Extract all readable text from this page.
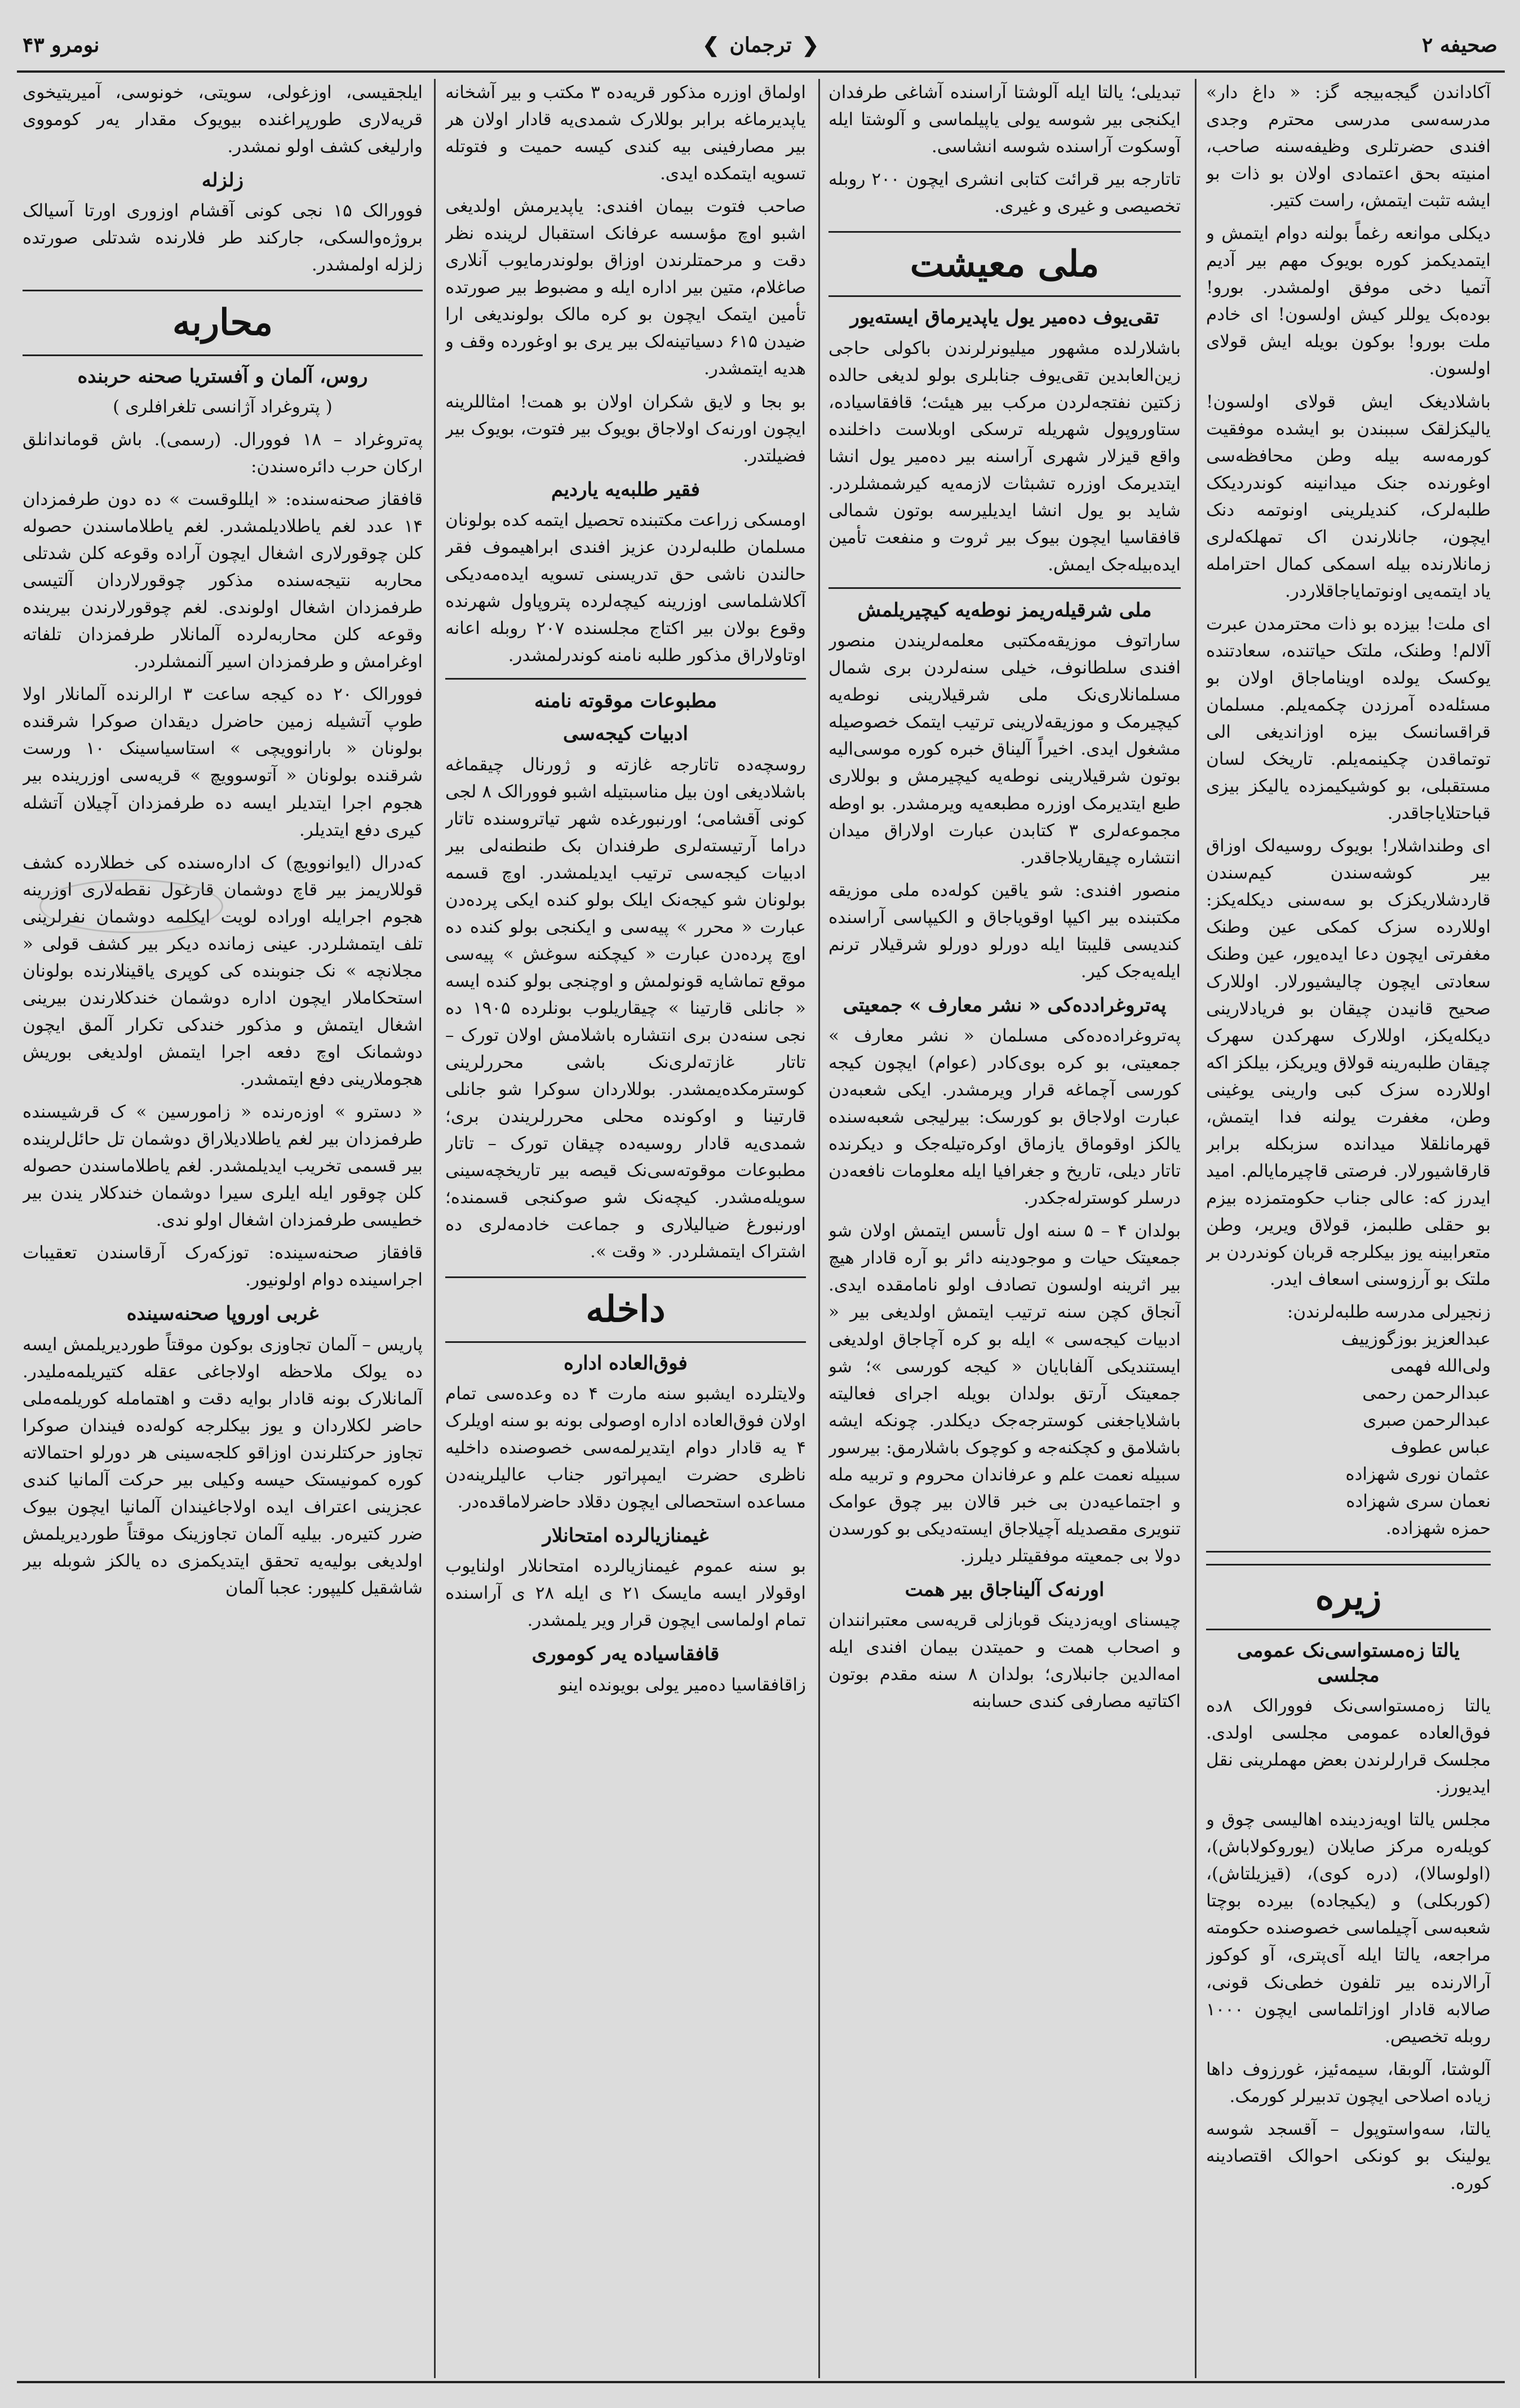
صحیفه ۲
❮
ترجمان
❯
نومرو ۴۳

آکاداندن گیجه‌بیجه گز: « داغ دار» مدرسه‌سی مدرسی محترم وجدی افندی حضرتلری وظیفه‌سنه صاحب، امنیته بحق اعتمادی اولان بو ذات بو ایشه تثبت ایتمش، راست کتیر.

دیکلی موانعه رغماً بولنه دوام ایتمش و ایتمدیکمز کوره بویوک مهم بیر آدیم آتمیا دخی موفق اولمشدر. بورو! بوده‌بک یوللر کیش اولسون! ای خادم ملت بورو! بوکون بویله ایش قولای اولسون.

باشلادیغک ایش قولای اولسون! یالیکزلقک سببندن بو ایشده موفقیت کورمه‌سه بیله وطن محافظه‌سی اوغورنده جنک میدانینه کوندردیکک طلبه‌لرک، کندیلرینی اونوتمه دنک ایچون، جانلارندن اک تمهلکه‌لری زمانلارنده بیله اسمکی کمال احترامله یاد ایتمه‌یی اونوتمایاجاقلاردر.

ای ملت! بیزده بو ذات محترمدن عبرت آلالم! وطنک، ملتک حیاتنده، سعادتنده یوکسک یولده اویناماجاق اولان بو مسئله‌ده آمرزدن چکمه‌یلم. مسلمان قراقسانسک بیزه اوزاندیغی الی توتماقدن چکینمه‌یلم. تاریخک لسان مستقبلی، بو کوشیکیمزده یالیکز بیزی قباحتلایاجاقدر.

ای وطنداشلار! بویوک روسیه‌لک اوزاق بیر کوشه‌سندن کیم‌سندن قاردشلاریکزک بو سه‌سنی دیکله‌یکز: اوللارده سزک کمکی عین وطنک مغفرتی ایچون دعا ایده‌یور، عین وطنک سعادتی ایچون چالیشیورلار. اوللارک صحیح قانیدن چیقان بو فریادلارینی دیکله‌یکز، اوللارک سهرکدن سهرک چیقان طلبه‌رینه قولاق ویریکز، بیلکز اکه اوللارده سزک کبی وارینی یوغینی وطن، مغفرت یولنه فدا ایتمش، قهرمانلقلا میدانده سزبکله برابر قارقاشیورلار. فرصتی قاچیرمایالم. امید ایدرز که: عالی جناب حکومتمزده بیزم بو حقلی طلبمز، قولاق ویریر، وطن متعرابینه یوز بیکلرجه قربان کوندردن بر ملتک بو آرزوسنی اسعاف ایدر.

زنجیرلی مدرسه طلبه‌لرندن:

عبدالعزیز بوزگوزییف

ولی‌الله فهمی

عبدالرحمن رحمی

عبدالرحمن صبری

عباس عطوف

عثمان نوری شهزاده

نعمان سری شهزاده

حمزه شهزاده.

زیره
یالتا زه‌مستواسی‌نک عمومی مجلسی

یالتا زه‌مستواسی‌نک فوورالک ۸ده فوق‌العاده عمومی مجلسی اولدی. مجلسک قرارلرندن بعض مهملرینی نقل ایدیورز.

مجلس یالتا اویه‌زدینده اهالیسی چوق و کویله‌ره مرکز صایلان (یوروکولاباش)، (اولوسالا)، (دره کوی)، (قیزیلتاش)، (کوربکلی) و (یکیجاده) بیرده بوچتا شعبه‌سی آچیلماسی خصوصنده حکومته مراجعه، یالتا ایله آی‌پتری، آو کوکوز آرالارنده بیر تلفون خطی‌نک قونی، صالابه قادار اوزاتلماسی ایچون ۱۰۰۰ روبله تخصیص.

آلوشتا، آلوبقا، سیمه‌ئیز، غورزوف داها زیاده اصلاحی ایچون تدبیرلر کورمک.

یالتا، سه‌واستوپول – آقسجد شوسه یولینک بو کونکی احوالک اقتصادینه کوره.

تبدیلی؛ یالتا ایله آلوشتا آراسنده آشاغی طرفدان ایکنجی بیر شوسه یولی یاپیلماسی و آلوشتا ایله آوسکوت آراسنده شوسه انشاسی.

تاتارجه بیر قرائت کتابی انشری ایچون ۲۰۰ روبله تخصیصی و غیری و غیری.

ملی معیشت
تقی‌یوف ده‌میر یول یاپدیرماق ایسته‌یور

باشلارلده مشهور میلیونرلرندن باکولی حاجی زین‌العابدین تقی‌یوف جنابلری بولو لدیغی حالده زکتین نفتجه‌لردن مرکب بیر هیئت؛ قافقاسیاده، ستاوروپول شهریله ترسکی اوبلاست داخلنده واقع قیزلار شهری آراسنه بیر ده‌میر یول انشا ایتدیرمک اوزره تشبثات لازمه‌یه کیرشمشلردر. شاید بو یول انشا ایدیلیرسه بوتون شمالی قافقاسیا ایچون بیوک بیر ثروت و منفعت تأمین ایده‌بیله‌جک ایمش.

ملی شرقیله‌ریمز نوطه‌یه کیچیریلمش

ساراتوف موزیقه‌مکتبی معلمه‌لریندن منصور افندی سلطانوف، خیلی سنه‌لردن بری شمال مسلمانلاری‌نک ملی شرقیلارینی نوطه‌یه کیچیرمک و موزیقه‌لارینی ترتیب ایتمک خصوصیله مشغول ایدی. اخیراً آلیناق خبره کوره موسی‌الیه بوتون شرقیلارینی نوطه‌یه کیچیرمش و بوللاری طبع ایتدیرمک اوزره مطبعه‌یه ویرمشدر. بو اوطه مجموعه‌لری ۳ کتابدن عبارت اولاراق میدان انتشاره چیقاریلاجاقدر.

منصور افندی: شو یاقین کوله‌ده ملی موزیقه مکتبنده بیر اکیپا اوقویاجاق و الکیپاسی آراسنده کندیسی قلیبتا ایله دورلو دورلو شرقیلار ترنم ایله‌یه‌جک کیر.

په‌تروغراد‌ده‌کی « نشر معارف » جمعیتی

په‌تروغراده‌ده‌کی مسلمان « نشر معارف » جمعیتی، بو کره بوی‌کادر (عوام) ایچون کیجه کورسی آچماغه قرار ویرمشدر. ایکی شعبه‌دن عبارت اولاجاق بو کورسک: بیرلیجی شعبه‌سنده یالکز اوقوماق یازماق اوکره‌تیله‌جک و دیکرنده تاتار دیلی، تاریخ و جغرافیا ایله معلومات نافعه‌دن درسلر کوسترله‌جکدر.

بولدان ۴ – ۵ سنه اول تأسس ایتمش اولان شو جمعیتک حیات و موجودینه دائر بو آره قادار هیچ بیر اثرینه اولسون تصادف اولو نامامقده ایدی. آنجاق کچن سنه ترتیب ایتمش اولدیغی بیر « ادبیات کیجه‌سی » ایله بو کره آچاجاق اولدیغی ایستندیکی آلفابایان « کیجه کورسی »؛ شو جمعیتک آرتق بولدان بویله اجرای فعالیته باشلایاجغنی کوسترجه‌جک دیکلدر. چونکه ایشه باشلامق و کچکنه‌جه و کوچوک باشلارمق: بیرسور سبیله نعمت علم و عرفاندان محروم و تربیه مله و اجتماعیه‌دن بی خبر قالان بیر چوق عوامک تنویری مقصدیله آچیلاجاق ایسته‌دیکی بو کورسدن دولا بی جمعیته موفقیتلر دیلرز.

اورنه‌ک آلیناجاق بیر همت

چیسنای اویه‌زدینک قوبازلی قریه‌سی معتبرانندان و اصحاب همت و حمیتدن بیمان افندی ایله امه‌الدین جانبلاری؛ بولدان ۸ سنه مقدم بوتون اکتاتیه مصارفی کندی حسابنه

اولماق اوزره مذکور قریه‌ده ۳ مکتب و بیر آشخانه یاپدیرماغه برابر بوللارک شمدی‌یه قادار اولان هر بیر مصارفینی بیه کندی کیسه حمیت و فتوتله تسویه ایتمکده ایدی.

صاحب فتوت بیمان افندی: یاپدیرمش اولدیغی اشبو اوچ مؤسسه عرفانک استقبال لرینده نظر دقت و مرحمتلرندن اوزاق بولوندرمایوب آنلاری صاغلام، متین بیر اداره ایله و مضبوط بیر صورتده تأمین ایتمک ایچون بو کره مالک بولوندیغی ارا ضیدن ۶۱۵ دسیاتینه‌لک بیر یری بو اوغورده وقف و هدیه ایتمشدر.

بو بجا و لایق شکران اولان بو همت! امثاللرینه ایچون اورنه‌ک اولاجاق بویوک بیر فتوت، بویوک بیر فضیلتدر.

فقیر طلبه‌یه یاردیم

اومسکی زراعت مکتبنده تحصیل ایتمه کده بولونان مسلمان طلبه‌لردن عزیز افندی ابراهیموف فقر حالندن ناشی حق تدریسنی تسویه ایده‌مه‌دیکی آکلاشلماسی اوزرینه کیچه‌لرده پتروپاول شهرنده وقوع بولان بیر اکتاج مجلسنده ۲۰۷ روبله اعانه اوتاولاراق مذکور طلبه نامنه کوندرلمشدر.

مطبوعات موقوته نامنه
ادبیات کیجه‌سی

روسچه‌ده تاتارجه غازته و ژورنال چیقماغه باشلادیغی اون بیل مناسبتیله اشبو فوورالک ۸ لجی کونی آقشامی؛ اورنبورغده شهر تیاتروسنده تاتار دراما آرتیسته‌لری طرفندان بک طنطنه‌لی بیر ادبیات کیجه‌سی ترتیب ایدیلمشدر. اوچ قسمه بولونان شو کیجه‌نک ایلک بولو کنده ایکی پرده‌دن عبارت « محرر » پیه‌سی و ایکنجی بولو کنده ده اوچ پرده‌دن عبارت « کیچکنه سوغش » پیه‌سی موقع تماشایه قونولمش و اوچنجی بولو کنده ایسه « جانلی قارتینا » چیقاریلوب بونلرده ۱۹۰۵ ده نجی سنه‌دن بری انتشاره باشلامش اولان تورک – تاتار غازته‌لری‌نک باشی محررلرینی کوسترمکده‌یمشدر. بوللاردان سوکرا شو جانلی قارتینا و اوکونده محلی محررلریندن بری؛ شمدی‌یه قادار روسیه‌ده چیقان تورک – تاتار مطبوعات موقوته‌سی‌نک قیصه بیر تاریخچه‌سینی سویله‌مشدر. کیچه‌نک شو صوکنجی قسمنده؛ اورنبورغ ضیالیلاری و جماعت خادمه‌لری ده اشتراک ایتمشلردر. « وقت ».

داخله
فوق‌العاده اداره

ولایتلرده ایشبو سنه مارت ۴ ده وعده‌سی تمام اولان فوق‌العاده اداره اوصولی بونه بو سنه اویلرک ۴ یه قادار دوام ایتدیرلمه‌سی خصوصنده داخلیه ناظری حضرت ایمپراتور جناب عالیلرینه‌دن مساعده استحصالی ایچون دقلاد حاضرلاماقده‌در.

غیمنازیالرده امتحانلار

بو سنه عموم غیمنازیالرده امتحانلار اولنایوب اوقولار ایسه مایسک ۲۱ ی ایله ۲۸ ی آراسنده تمام اولماسی ایچون قرار ویر یلمشدر.

قافقاسیاده یه‌ر کوموری

زاقافقاسیا ده‌میر یولی بویونده اینو

ایلجقیسی، اوزغولی، سویتی، خونوسی، آمیریتیخوی قریه‌لاری طورپراغنده بیویوک مقدار یه‌ر کومووی وارلیغی کشف اولو نمشدر.

زلزله

فوورالک ۱۵ نجی کونی آقشام اوزوری اورتا آسیالک بروژه‌والسکی، جارکند طر فلارنده شدتلی صورتده زلزله اولمشدر.

محاربه
روس، آلمان و آفستریا صحنه حربنده

( پتروغراد آژانسی تلغرافلری )

په‌تروغراد – ۱۸ فوورال. (رسمی). باش قوماندانلق ارکان حرب دائره‌سندن:

قافقاز صحنه‌سنده: « ایللوقست » ده دون طرفمزدان ۱۴ عدد لغم یاطلادیلمشدر. لغم یاطلاماسندن حصوله کلن چوقورلاری اشغال ایچون آراده وقوعه کلن شدتلی محاربه نتیجه‌سنده مذکور چوقورلاردان آلتیسی طرفمزدان اشغال اولوندی. لغم چوقورلارندن بیرینده وقوعه کلن محاربه‌لرده آلمانلار طرفمزدان تلفاته اوغرامش و طرفمزدان اسیر آلنمشلردر.

فوورالک ۲۰ ده کیجه ساعت ۳ ارالرنده آلمانلار اولا طوپ آتشیله زمین حاضرل دیقدان صوکرا شرقنده بولونان « بارانوویچی » استاسیاسینک ۱۰ ورست شرقنده بولونان « آتوسوویچ » قریه‌سی اوزرینده بیر هجوم اجرا ایتدیلر ایسه ده طرفمزدان آچیلان آتشله کیری دفع ایتدیلر.

که‌درال (ایوانوویچ) ک اداره‌سنده کی خطلارده کشف قوللاریمز بیر قاچ دوشمان قارغول نقطه‌لاری اوزرینه هجوم اجرایله اوراده لویت ایکلمه دوشمان نفرلرینی تلف ایتمشلردر. عینی زمانده دیکر بیر کشف قولی « مجلانچه » نک جنوبنده کی کوپری یاقینلارنده بولونان استحکاملار ایچون اداره دوشمان خندکلارندن بیرینی اشغال ایتمش و مذکور خندکی تکرار آلمق ایچون دوشمانک اوچ دفعه اجرا ایتمش اولدیغی بوریش هجوملارینی دفع ایتمشدر.

« دسترو » اوزه‌رنده « زامورسین » ک قرشیسنده طرفمزدان بیر لغم یاطلادیلاراق دوشمان تل حائل‌لرینده بیر قسمی تخریب ایدیلمشدر. لغم یاطلاماسندن حصوله کلن چوقور ایله ایلری سیرا دوشمان خندکلار یندن بیر خطیسی طرفمزدان اشغال اولو ندی.

قافقاز صحنه‌سینده: توزکه‌رک آرقاسندن تعقیبات اجراسینده دوام اولونیور.

غربی اوروپا صحنه‌سینده

پاریس – آلمان تجاوزی بوکون موقتاً طورد‌یریلمش ایسه ده یولک ملاحظه اولاجاغی عقله کتیریلمه‌ملیدر. آلمانلارک بونه قادار بوایه دقت و اهتمامله کوریلمه‌ملی حاضر لکلاردان و یوز بیکلرجه کوله‌ده فیندان صوکرا تجاوز حرکتلرندن اوزاقو کلجه‌سینی هر دورلو احتمالاته کوره کمونیستک حیسه وکیلی بیر حرکت آلمانیا کندی عجزینی اعتراف ایده اولاجاغیندان آلمانیا ایچون بیوک ضرر کتیره‌ر. بیلیه آلمان تجاوزینک موقتاً طوردیریلمش اولدیغی بولیه‌یه تحقق ایتدیکمزی ده یالکز شوبله بیر شاشقیل کلیپور: عجبا آلمان
